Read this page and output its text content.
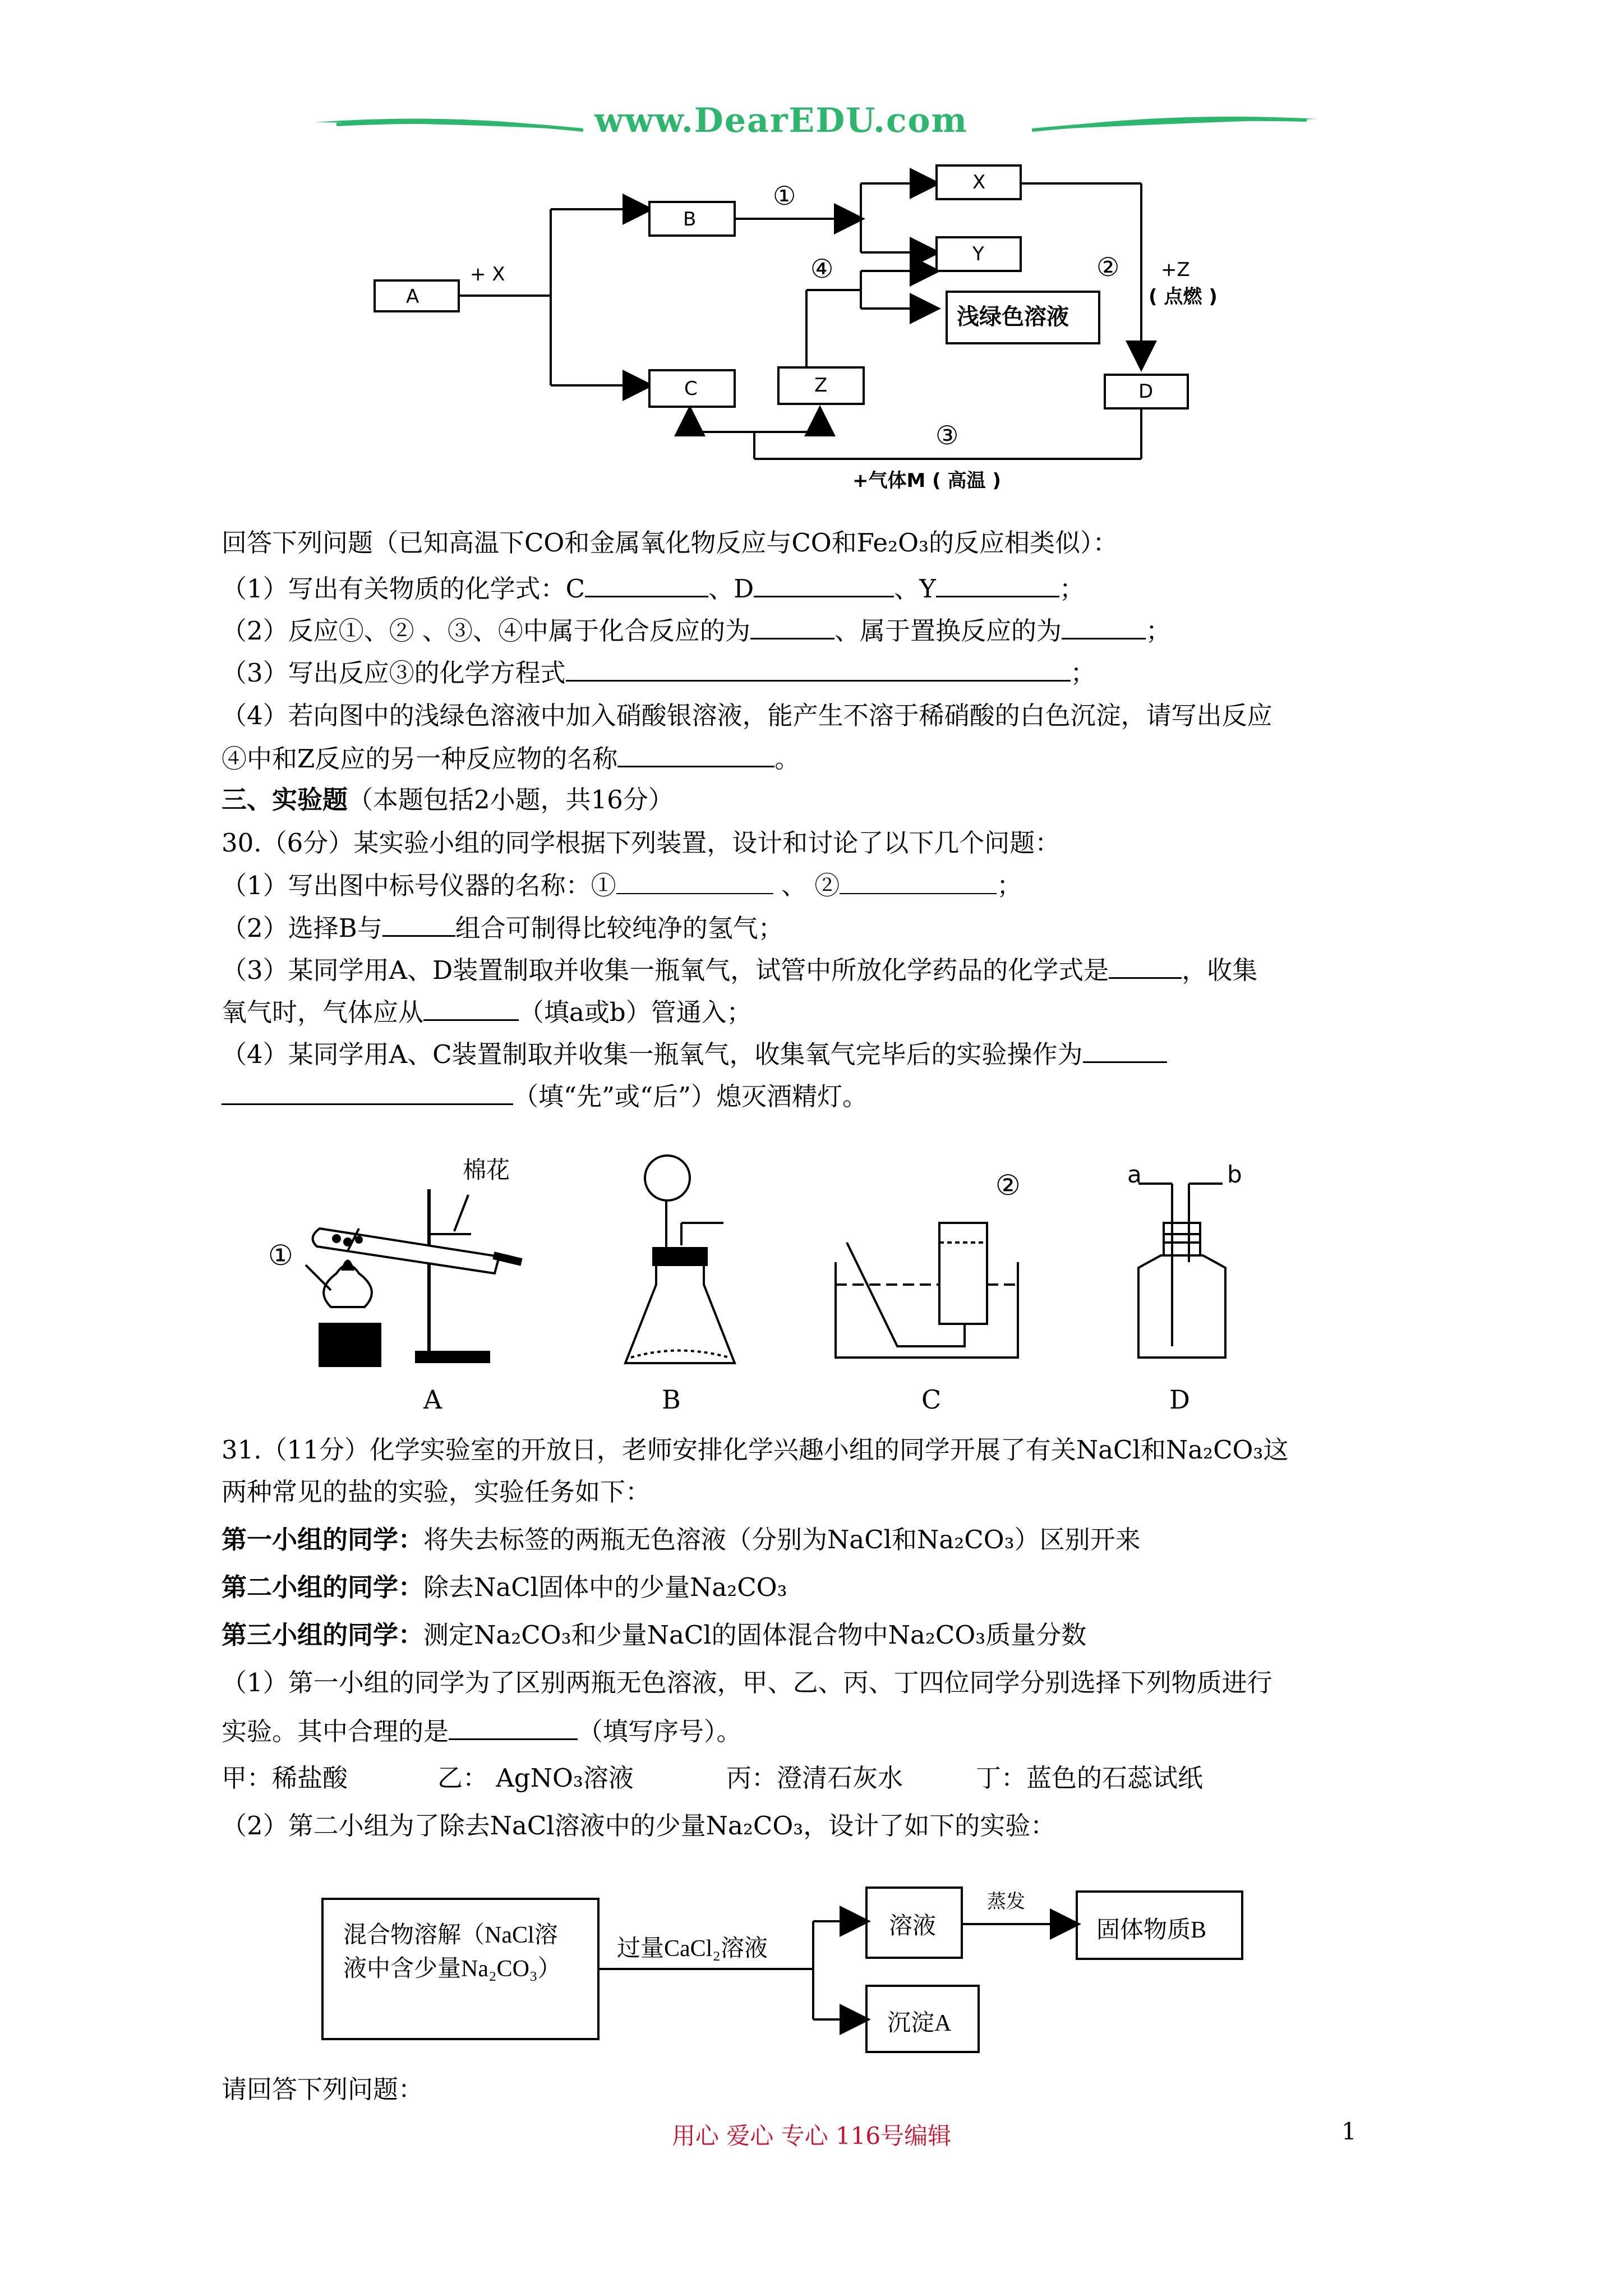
www.DearEDU.com
A
B
X
Y
C	Z	D
浅绿色溶液
+ X
①
④	② +Z
( 点燃 )
③
+气体M ( 高温 )
回答下列问题（已知高温下CO和金属氧化物反应与CO和Fe₂O₃的反应相类似）：
（1）写出有关物质的化学式：C	、D	、Y	；
（2）反应①、② 、③、④中属于化合反应的为	、属于置换反应的为	；
（3）写出反应③的化学方程式	；
（4）若向图中的浅绿色溶液中加入硝酸银溶液，能产生不溶于稀硝酸的白色沉淀，请写出反应
④中和Z反应的另一种反应物的名称	。
三、实验题（本题包括2小题，共16分）
30.（6分）某实验小组的同学根据下列装置，设计和讨论了以下几个问题：
（1）写出图中标号仪器的名称：①	、 ②	；
（2）选择B与	组合可制得比较纯净的氢气；
（3）某同学用A、D装置制取并收集一瓶氧气，试管中所放化学药品的化学式是	，收集
氧气时，气体应从	（填a或b）管通入；
（4）某同学用A、C装置制取并收集一瓶氧气，收集氧气完毕后的实验操作为
（填“先”或“后”）熄灭酒精灯。
棉花
①
②	a	b
A	B	C	D
31.（11分）化学实验室的开放日，老师安排化学兴趣小组的同学开展了有关NaCl和Na₂CO₃这
两种常见的盐的实验，实验任务如下：
第一小组的同学：将失去标签的两瓶无色溶液（分别为NaCl和Na₂CO₃）区别开来
第二小组的同学：除去NaCl固体中的少量Na₂CO₃
第三小组的同学：测定Na₂CO₃和少量NaCl的固体混合物中Na₂CO₃质量分数
（1）第一小组的同学为了区别两瓶无色溶液，甲、乙、丙、丁四位同学分别选择下列物质进行
实验。其中合理的是	（填写序号）。
甲：稀盐酸	乙： AgNO₃溶液	丙：澄清石灰水	丁：蓝色的石蕊试纸
（2）第二小组为了除去NaCl溶液中的少量Na₂CO₃，设计了如下的实验：
混合物溶解（NaCl溶
液中含少量Na₂CO₃）
过量CaCl₂溶液
溶液
蒸发
固体物质B
沉淀A
请回答下列问题：
用心 爱心 专心 116号编辑	1
